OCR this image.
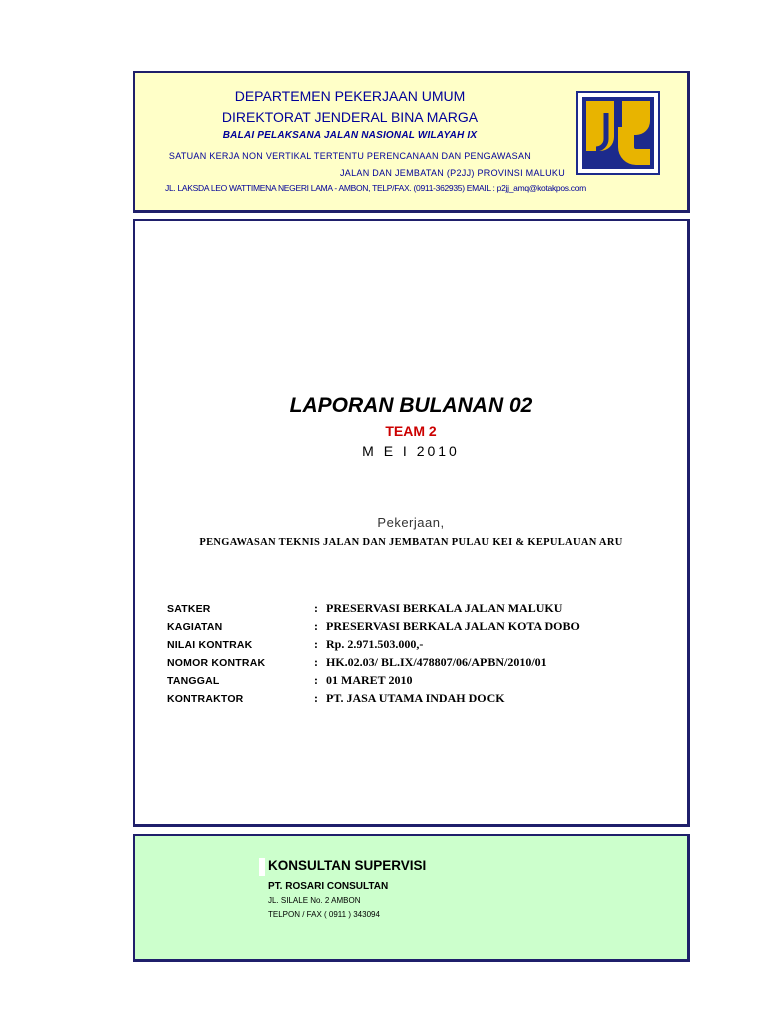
DEPARTEMEN PEKERJAAN UMUM
DIREKTORAT JENDERAL BINA MARGA
BALAI PELAKSANA JALAN NASIONAL WILAYAH IX
SATUAN KERJA NON VERTIKAL TERTENTU PERENCANAAN DAN PENGAWASAN
JALAN DAN JEMBATAN (P2JJ) PROVINSI MALUKU
JL. LAKSDA LEO WATTIMENA NEGERI LAMA - AMBON, TELP/FAX. (0911-362935) EMAIL : p2jj_amq@kotakpos.com
LAPORAN BULANAN 02
TEAM 2
M E I 2010
Pekerjaan,
PENGAWASAN TEKNIS JALAN DAN JEMBATAN PULAU KEI & KEPULAUAN ARU
SATKER	: PRESERVASI BERKALA JALAN MALUKU
KAGIATAN	: PRESERVASI BERKALA JALAN KOTA DOBO
NILAI KONTRAK	: Rp. 2.971.503.000,-
NOMOR KONTRAK	: HK.02.03/ BL.IX/478807/06/APBN/2010/01
TANGGAL	: 01 MARET 2010
KONTRAKTOR	: PT. JASA UTAMA INDAH DOCK
KONSULTAN SUPERVISI
PT. ROSARI CONSULTAN
JL. SILALE No. 2 AMBON
TELPON / FAX ( 0911 ) 343094
